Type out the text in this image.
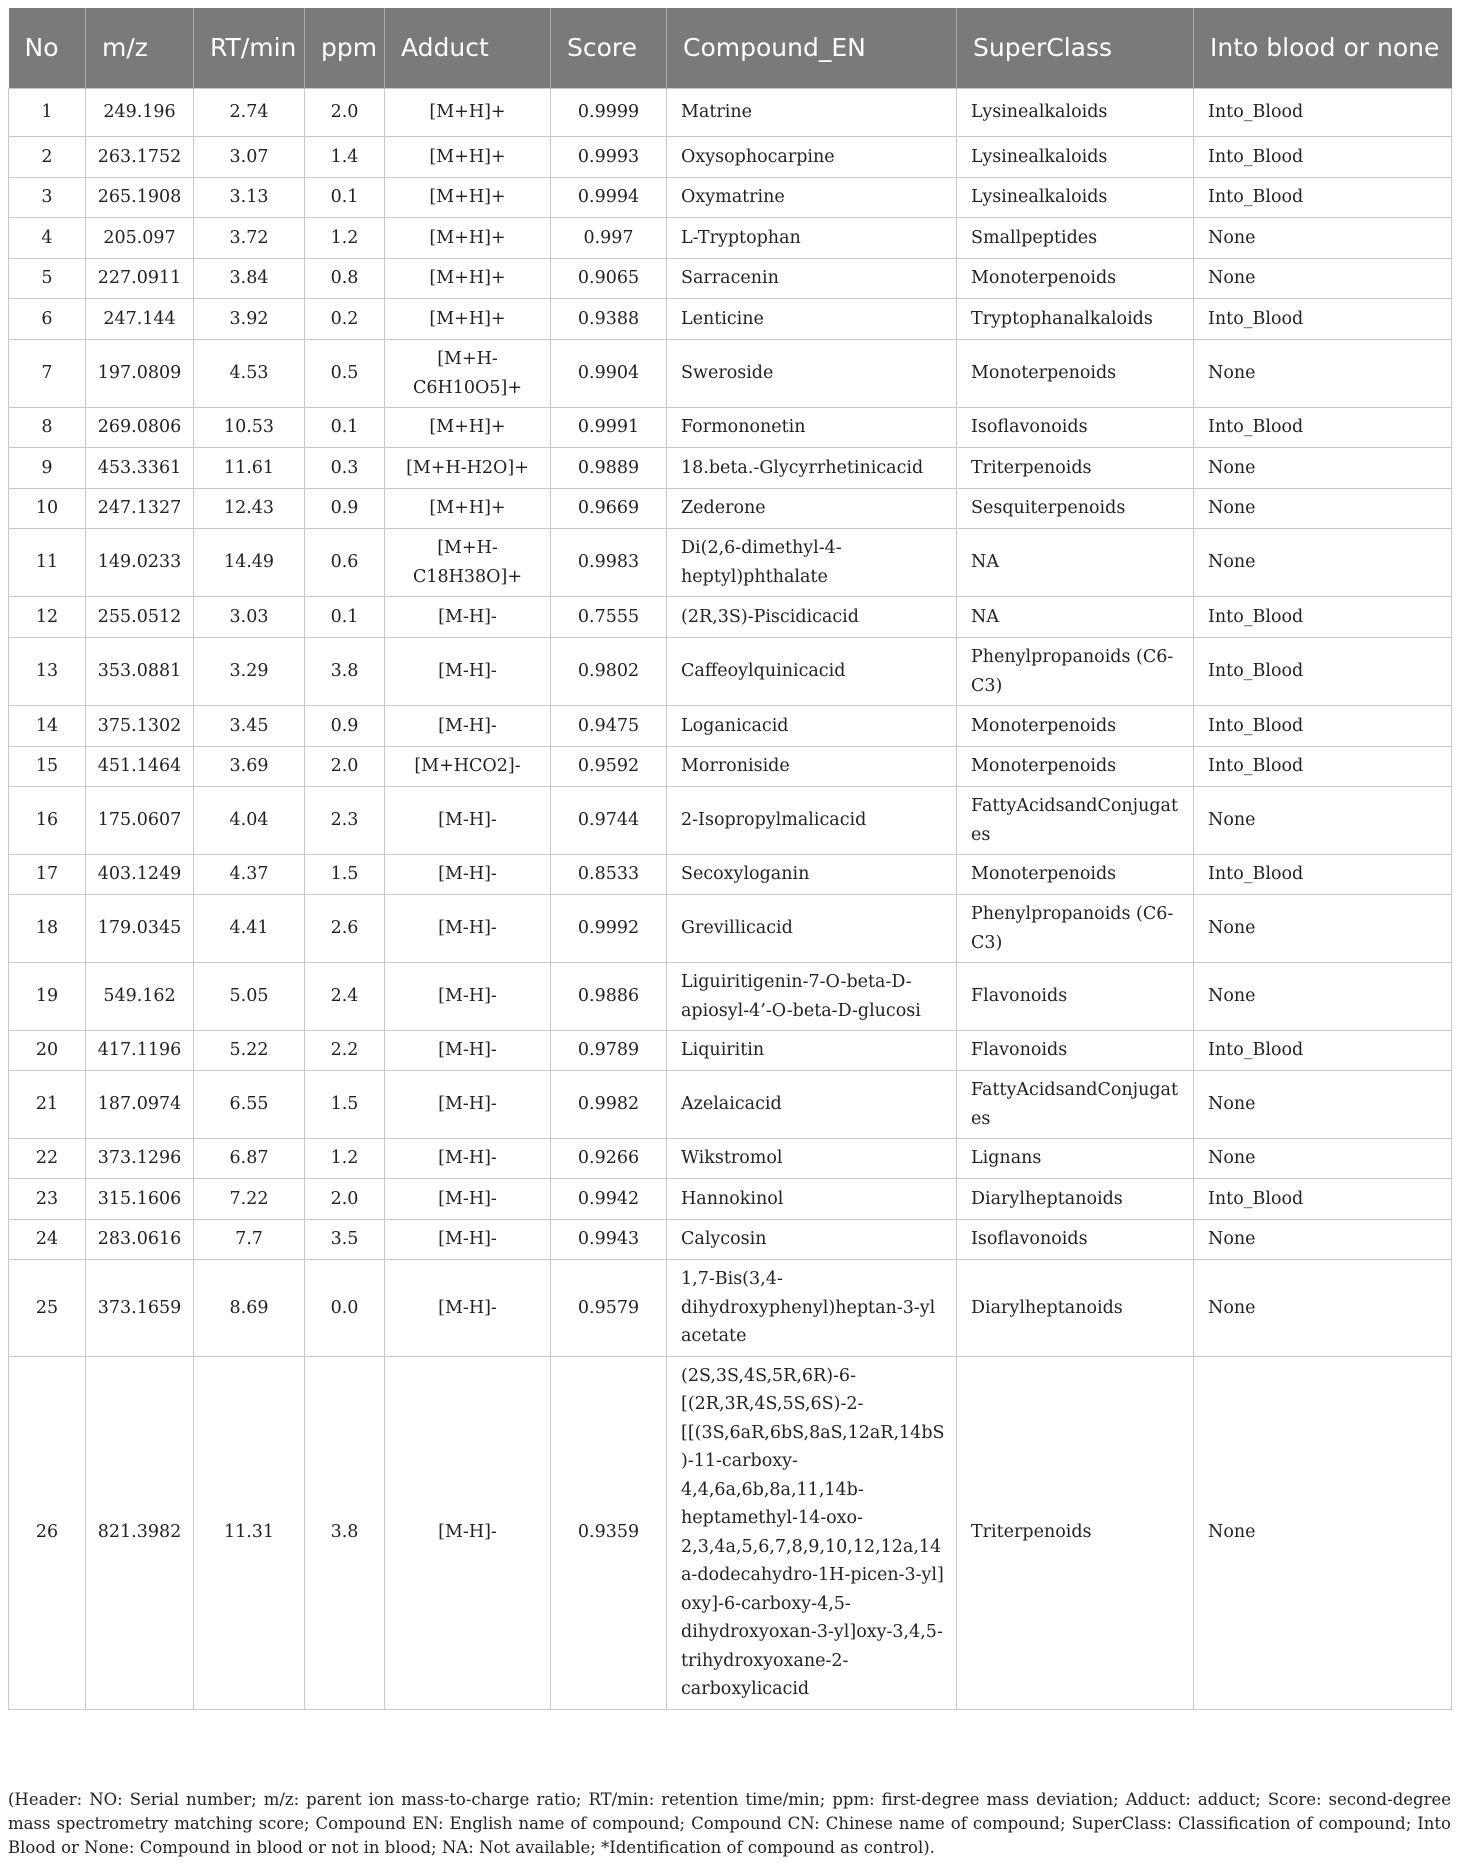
No	m/z	RT/min	ppm	Adduct	Score	Compound_EN	SuperClass	Into blood or none
1	249.196	2.74	2.0	[M+H]+	0.9999	Matrine	Lysinealkaloids	Into_Blood
2	263.1752	3.07	1.4	[M+H]+	0.9993	Oxysophocarpine	Lysinealkaloids	Into_Blood
3	265.1908	3.13	0.1	[M+H]+	0.9994	Oxymatrine	Lysinealkaloids	Into_Blood
4	205.097	3.72	1.2	[M+H]+	0.997	L-Tryptophan	Smallpeptides	None
5	227.0911	3.84	0.8	[M+H]+	0.9065	Sarracenin	Monoterpenoids	None
6	247.144	3.92	0.2	[M+H]+	0.9388	Lenticine	Tryptophanalkaloids	Into_Blood
7	197.0809	4.53	0.5	[M+H-C6H10O5]+	0.9904	Sweroside	Monoterpenoids	None
8	269.0806	10.53	0.1	[M+H]+	0.9991	Formononetin	Isoflavonoids	Into_Blood
9	453.3361	11.61	0.3	[M+H-H2O]+	0.9889	18.beta.-Glycyrrhetinicacid	Triterpenoids	None
10	247.1327	12.43	0.9	[M+H]+	0.9669	Zederone	Sesquiterpenoids	None
11	149.0233	14.49	0.6	[M+H-C18H38O]+	0.9983	Di(2,6-dimethyl-4-heptyl)phthalate	NA	None
12	255.0512	3.03	0.1	[M-H]-	0.7555	(2R,3S)-Piscidicacid	NA	Into_Blood
13	353.0881	3.29	3.8	[M-H]-	0.9802	Caffeoylquinicacid	Phenylpropanoids (C6-C3)	Into_Blood
14	375.1302	3.45	0.9	[M-H]-	0.9475	Loganicacid	Monoterpenoids	Into_Blood
15	451.1464	3.69	2.0	[M+HCO2]-	0.9592	Morroniside	Monoterpenoids	Into_Blood
16	175.0607	4.04	2.3	[M-H]-	0.9744	2-Isopropylmalicacid	FattyAcidsandConjugates	None
17	403.1249	4.37	1.5	[M-H]-	0.8533	Secoxyloganin	Monoterpenoids	Into_Blood
18	179.0345	4.41	2.6	[M-H]-	0.9992	Grevillicacid	Phenylpropanoids (C6-C3)	None
19	549.162	5.05	2.4	[M-H]-	0.9886	Liguiritigenin-7-O-beta-D-apiosyl-4’-O-beta-D-glucosi	Flavonoids	None
20	417.1196	5.22	2.2	[M-H]-	0.9789	Liquiritin	Flavonoids	Into_Blood
21	187.0974	6.55	1.5	[M-H]-	0.9982	Azelaicacid	FattyAcidsandConjugates	None
22	373.1296	6.87	1.2	[M-H]-	0.9266	Wikstromol	Lignans	None
23	315.1606	7.22	2.0	[M-H]-	0.9942	Hannokinol	Diarylheptanoids	Into_Blood
24	283.0616	7.7	3.5	[M-H]-	0.9943	Calycosin	Isoflavonoids	None
25	373.1659	8.69	0.0	[M-H]-	0.9579	1,7-Bis(3,4-dihydroxyphenyl)heptan-3-yl acetate	Diarylheptanoids	None
26	821.3982	11.31	3.8	[M-H]-	0.9359	(2S,3S,4S,5R,6R)-6-[(2R,3R,4S,5S,6S)-2-[[(3S,6aR,6bS,8aS,12aR,14bS)-11-carboxy-4,4,6a,6b,8a,11,14b-heptamethyl-14-oxo-2,3,4a,5,6,7,8,9,10,12,12a,14a-dodecahydro-1H-picen-3-yl] oxy]-6-carboxy-4,5-dihydroxyoxan-3-yl]oxy-3,4,5-trihydroxyoxane-2-carboxylicacid	Triterpenoids	None
(Header: NO: Serial number; m/z: parent ion mass-to-charge ratio; RT/min: retention time/min; ppm: first-degree mass deviation; Adduct: adduct; Score: second-degree mass spectrometry matching score; Compound EN: English name of compound; Compound CN: Chinese name of compound; SuperClass: Classification of compound; Into Blood or None: Compound in blood or not in blood; NA: Not available; *Identification of compound as control).
